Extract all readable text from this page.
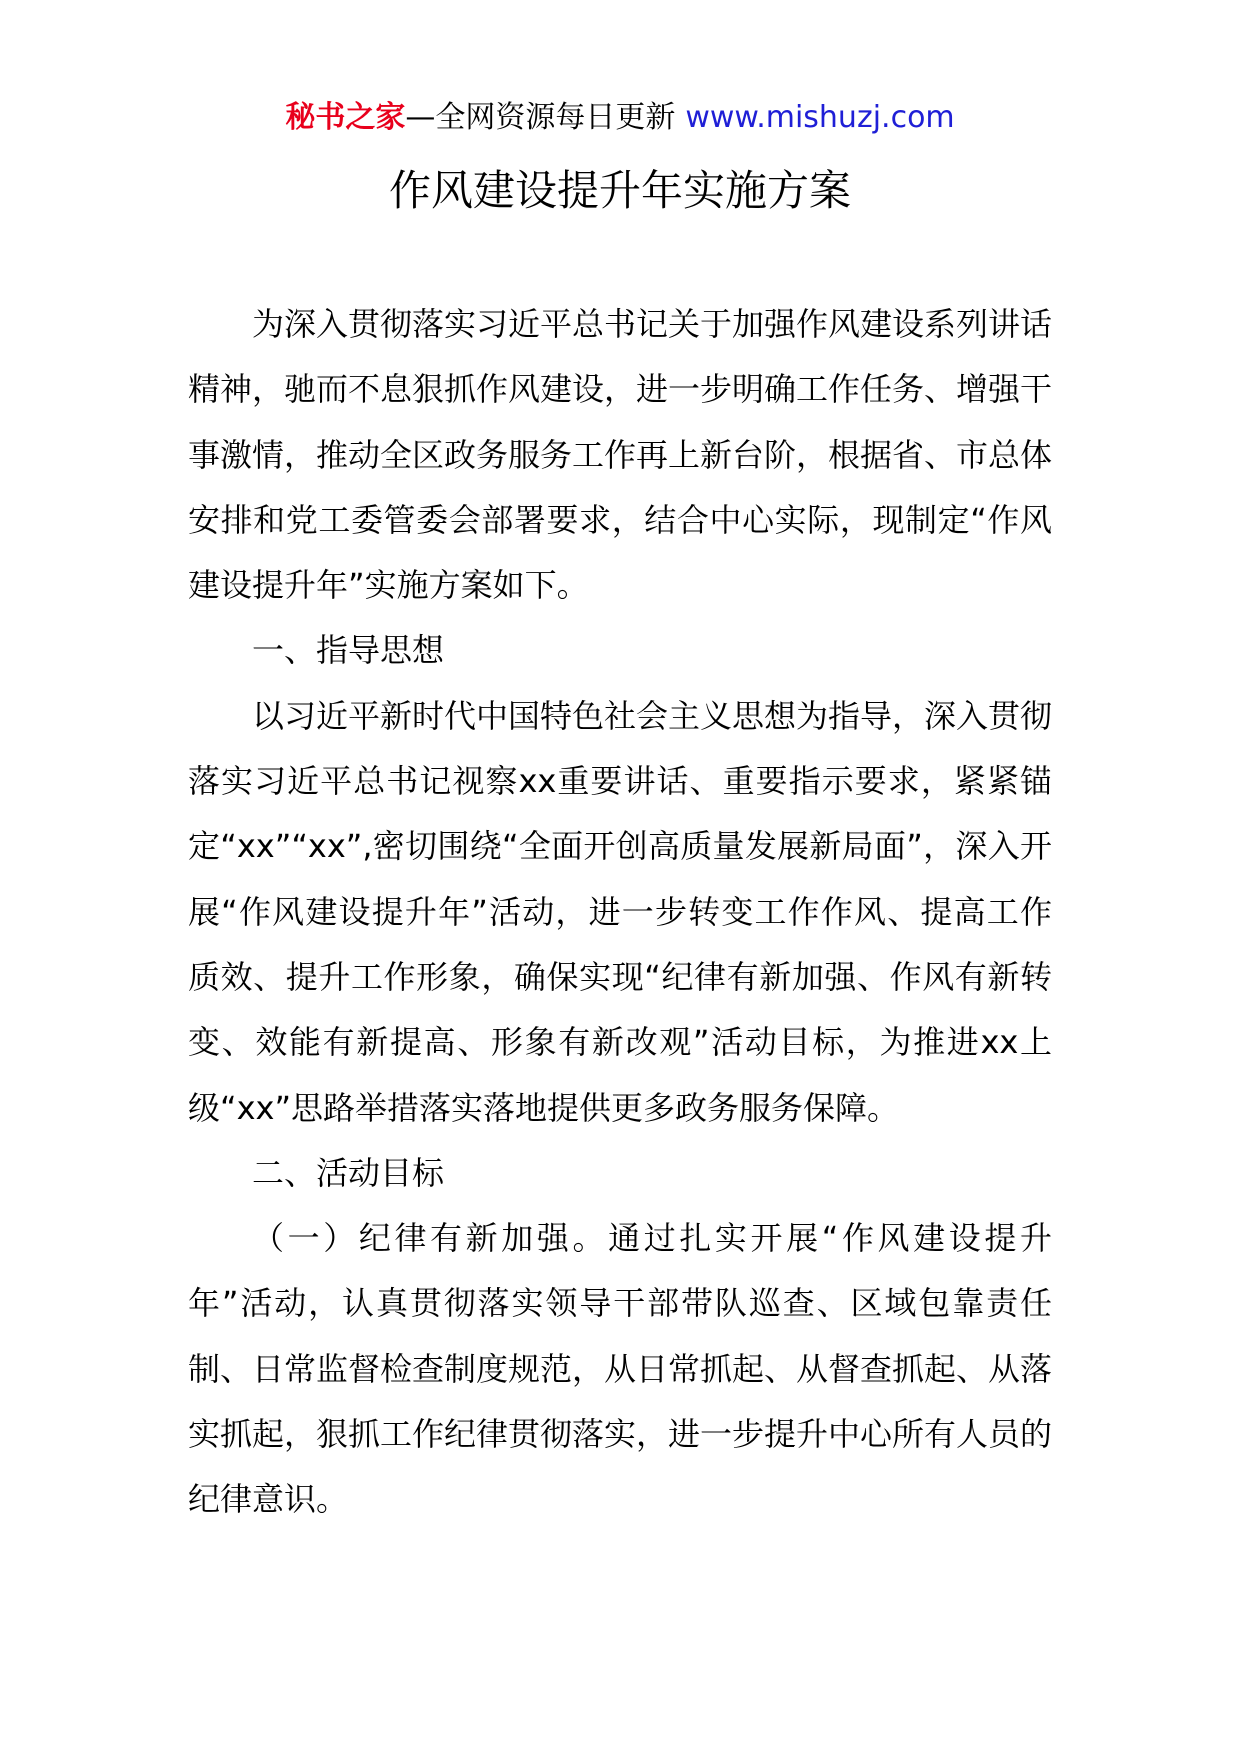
秘书之家—全网资源每日更新 www.mishuzj.com
作风建设提升年实施方案

为深入贯彻落实习近平总书记关于加强作风建设系列讲话精神，驰而不息狠抓作风建设，进一步明确工作任务、增强干事激情，推动全区政务服务工作再上新台阶，根据省、市总体安排和党工委管委会部署要求，结合中心实际，现制定“作风建设提升年”实施方案如下。

一、指导思想

以习近平新时代中国特色社会主义思想为指导，深入贯彻落实习近平总书记视察xx重要讲话、重要指示要求，紧紧锚定“xx”“xx”,密切围绕“全面开创高质量发展新局面”，深入开展“作风建设提升年”活动，进一步转变工作作风、提高工作质效、提升工作形象，确保实现“纪律有新加强、作风有新转变、效能有新提高、形象有新改观”活动目标，为推进xx上级“xx”思路举措落实落地提供更多政务服务保障。

二、活动目标

（一）纪律有新加强。通过扎实开展“作风建设提升年”活动，认真贯彻落实领导干部带队巡查、区域包靠责任制、日常监督检查制度规范，从日常抓起、从督查抓起、从落实抓起，狠抓工作纪律贯彻落实，进一步提升中心所有人员的纪律意识。
